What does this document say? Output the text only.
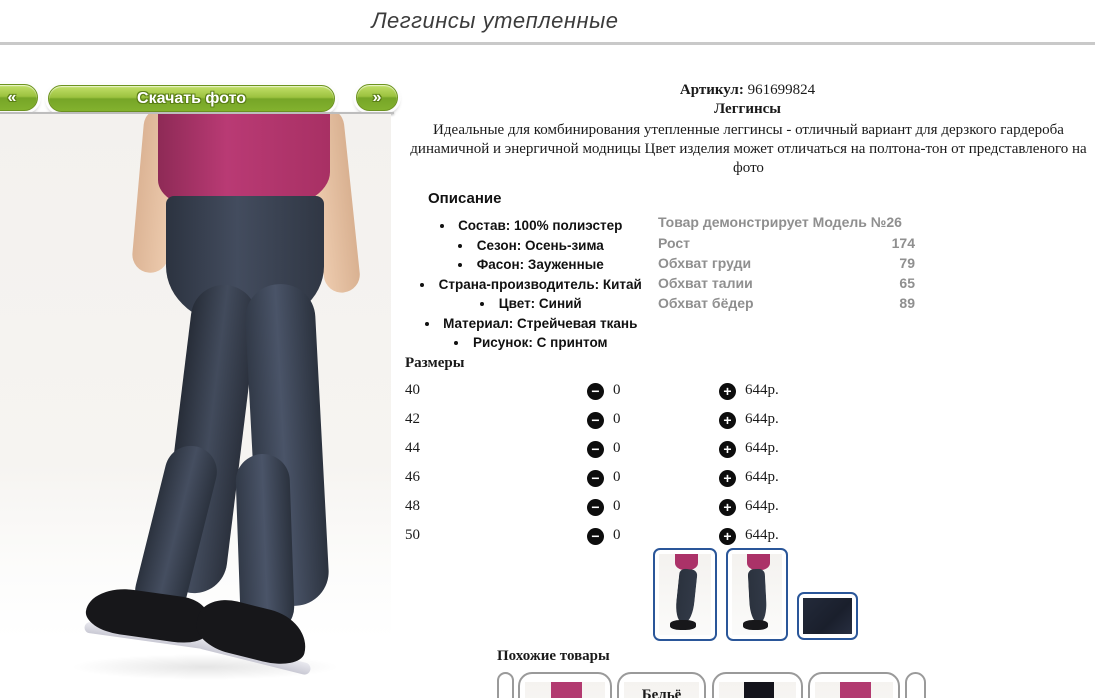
Леггинсы утепленные
«	Скачать фото	»	Артикул: 961699824
Леггинсы
Идеальные для комбинирования утепленные леггинсы - отличный вариант для дерзкого гардероба динамичной и энергичной модницы Цвет изделия может отличаться на полтона-тон от представленого на фото
Описание
• Состав: 100% полиэстер
• Сезон: Осень-зима
• Фасон: Зауженные
• Страна-производитель: Китай
• Цвет: Синий
• Материал: Стрейчевая ткань
• Рисунок: С принтом
Товар демонстрирует Модель №26
Рост	174
Обхват груди	79
Обхват талии	65
Обхват бёдер	89
Размеры
40	− 0	+ 644р.
42	− 0	+ 644р.
44	− 0	+ 644р.
46	− 0	+ 644р.
48	− 0	+ 644р.
50	− 0	+ 644р.
Похожие товары
Бельё
